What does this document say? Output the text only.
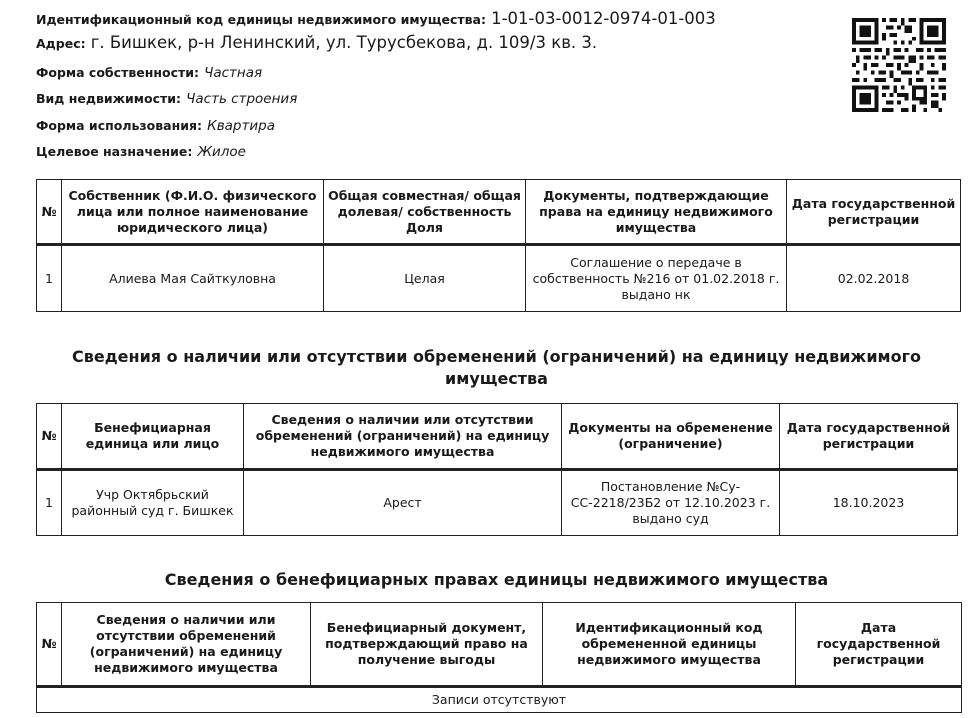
Идентификационный код единицы недвижимого имущества: 1-01-03-0012-0974-01-003
Адрес: г. Бишкек, р-н Ленинский, ул. Турусбекова, д. 109/3 кв. 3.
Форма собственности: Частная
Вид недвижимости: Часть строения
Форма использования: Квартира
Целевое назначение: Жилое
№	Собственник (Ф.И.О. физического лица или полное наименование юридического лица)	Общая совместная/ общая долевая/ собственность Доля	Документы, подтверждающие права на единицу недвижимого имущества	Дата государственной регистрации
1	Алиева Мая Сайткуловна	Целая	Соглашение о передаче в собственность №216 от 01.02.2018 г. выдано нк	02.02.2018
Сведения о наличии или отсутствии обременений (ограничений) на единицу недвижимого имущества
№	Бенефициарная единица или лицо	Сведения о наличии или отсутствии обременений (ограничений) на единицу недвижимого имущества	Документы на обременение (ограничение)	Дата государственной регистрации
1	Учр Октябрьский районный суд г. Бишкек	Арест	Постановление №Су-СС-2218/23Б2 от 12.10.2023 г. выдано суд	18.10.2023
Сведения о бенефициарных правах единицы недвижимого имущества
№	Сведения о наличии или отсутствии обременений (ограничений) на единицу недвижимого имущества	Бенефициарный документ, подтверждающий право на получение выгоды	Идентификационный код обремененной единицы недвижимого имущества	Дата государственной регистрации
Записи отсутствуют
